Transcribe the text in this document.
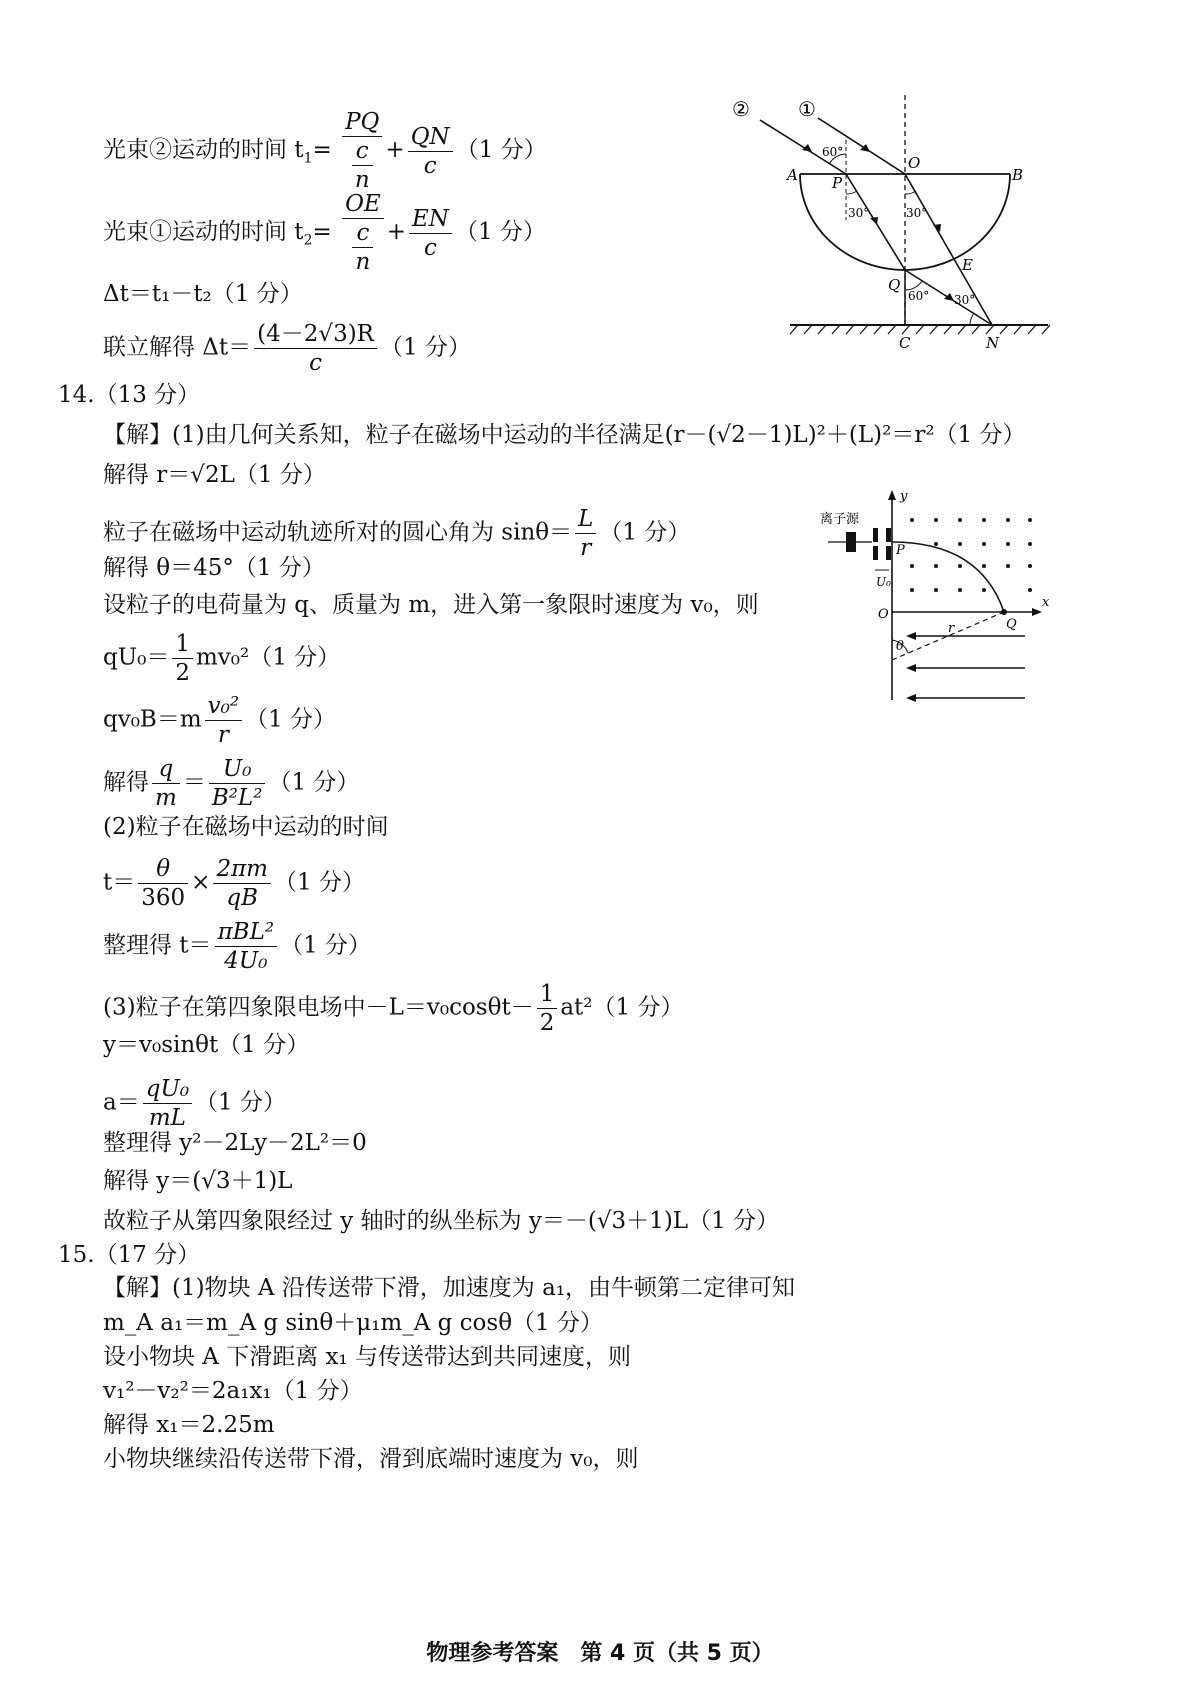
光束②运动的时间 $t_1= \frac{PQ}{\frac{c}{n}} + \frac{QN}{c} (1$ 分）
光束①运动的时间 $t_2= \frac{OE}{\frac{c}{n}} + \frac{EN}{c} (1$ 分）
Δt＝t₁－t₂（1 分）
联立解得 $\Delta t= \frac{(4-2√3)R}{c} (1$ 分）
② ①
A	B
O
P
Q
E
C	N
60°
30°	30°
60° 30°
14.（13 分）
【解】(1)由几何关系知，粒子在磁场中运动的半径满足(r－(√2－1)L)²＋(L)²＝r²（1 分）
解得 r＝√2L（1 分）
粒子在磁场中运动轨迹所对的圆心角为 $\sin\theta= \frac{L}{r} (1$ 分）
解得 θ＝45°（1 分）
设粒子的电荷量为 q、质量为 m，进入第一象限时速度为 v₀，则
$qU_0= \frac{1}{2} mv_0^2(1$ 分）
$qv_0B=m \frac{\text{v₀²}}{r} (1$ 分）
解得 $\frac{q}{m} = \frac{\text{U₀}}{\text{B²L²}} (1$ 分）
(2)粒子在磁场中运动的时间
$t= \frac{\theta}{360} \times \frac{2\pi m}{qB} (1$ 分）
整理得 $t= \frac{\text{πBL²}}{\text{4U₀}} (1$ 分）
(3)粒子在第四象限电场中$-L=v_0\cos\theta t- \frac{1}{2} at^2(1$ 分）
y＝v₀sinθt（1 分）
$a= \frac{\text{qU₀}}{mL} (1$ 分）
整理得 y²－2Ly－2L²＝0
解得 y＝(√3＋1)L
故粒子从第四象限经过 y 轴时的纵坐标为 y＝－(√3＋1)L（1 分）
离子源
y
x
P
O
Q
U₀
r
θ
15.（17 分）
【解】(1)物块 A 沿传送带下滑，加速度为 a₁，由牛顿第二定律可知
m_A a₁＝m_A g sinθ＋μ₁m_A g cosθ（1 分）
设小物块 A 下滑距离 x₁ 与传送带达到共同速度，则
v₁²－v₂²＝2a₁x₁（1 分）
解得 x₁＝2.25m
小物块继续沿传送带下滑，滑到底端时速度为 v₀，则
物理参考答案　第 4 页（共 5 页）
